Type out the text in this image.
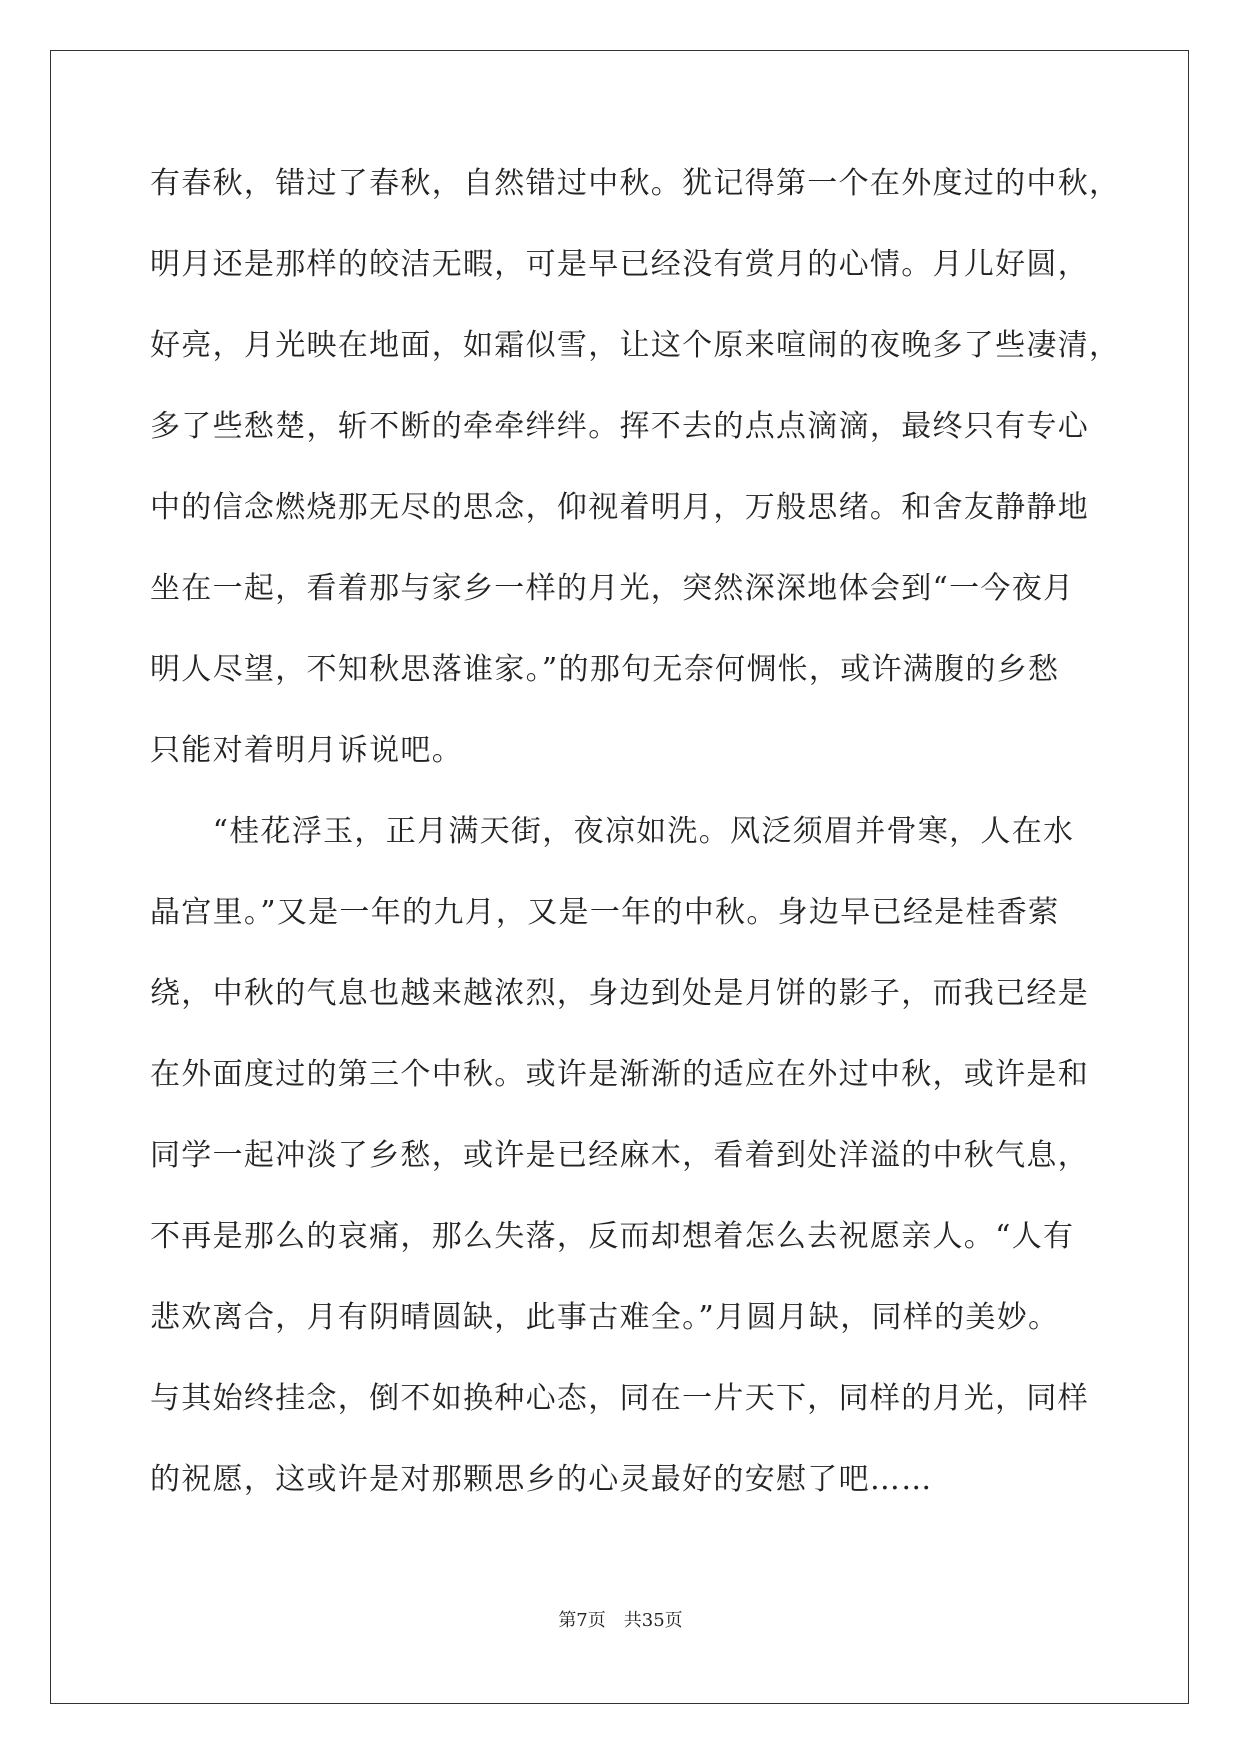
有春秋，错过了春秋，自然错过中秋。犹记得第一个在外度过的中秋，
明月还是那样的皎洁无暇，可是早已经没有赏月的心情。月儿好圆，
好亮，月光映在地面，如霜似雪，让这个原来喧闹的夜晚多了些凄清，
多了些愁楚，斩不断的牵牵绊绊。挥不去的点点滴滴，最终只有专心
中的信念燃烧那无尽的思念，仰视着明月，万般思绪。和舍友静静地
坐在一起，看着那与家乡一样的月光，突然深深地体会到“一今夜月
明人尽望，不知秋思落谁家。”的那句无奈何惆怅，或许满腹的乡愁
只能对着明月诉说吧。
　　“桂花浮玉，正月满天街，夜凉如洗。风泛须眉并骨寒，人在水
晶宫里。”又是一年的九月，又是一年的中秋。身边早已经是桂香萦
绕，中秋的气息也越来越浓烈，身边到处是月饼的影子，而我已经是
在外面度过的第三个中秋。或许是渐渐的适应在外过中秋，或许是和
同学一起冲淡了乡愁，或许是已经麻木，看着到处洋溢的中秋气息，
不再是那么的哀痛，那么失落，反而却想着怎么去祝愿亲人。“人有
悲欢离合，月有阴晴圆缺，此事古难全。”月圆月缺，同样的美妙。
与其始终挂念，倒不如换种心态，同在一片天下，同样的月光，同样
的祝愿，这或许是对那颗思乡的心灵最好的安慰了吧……
第7页　共35页
